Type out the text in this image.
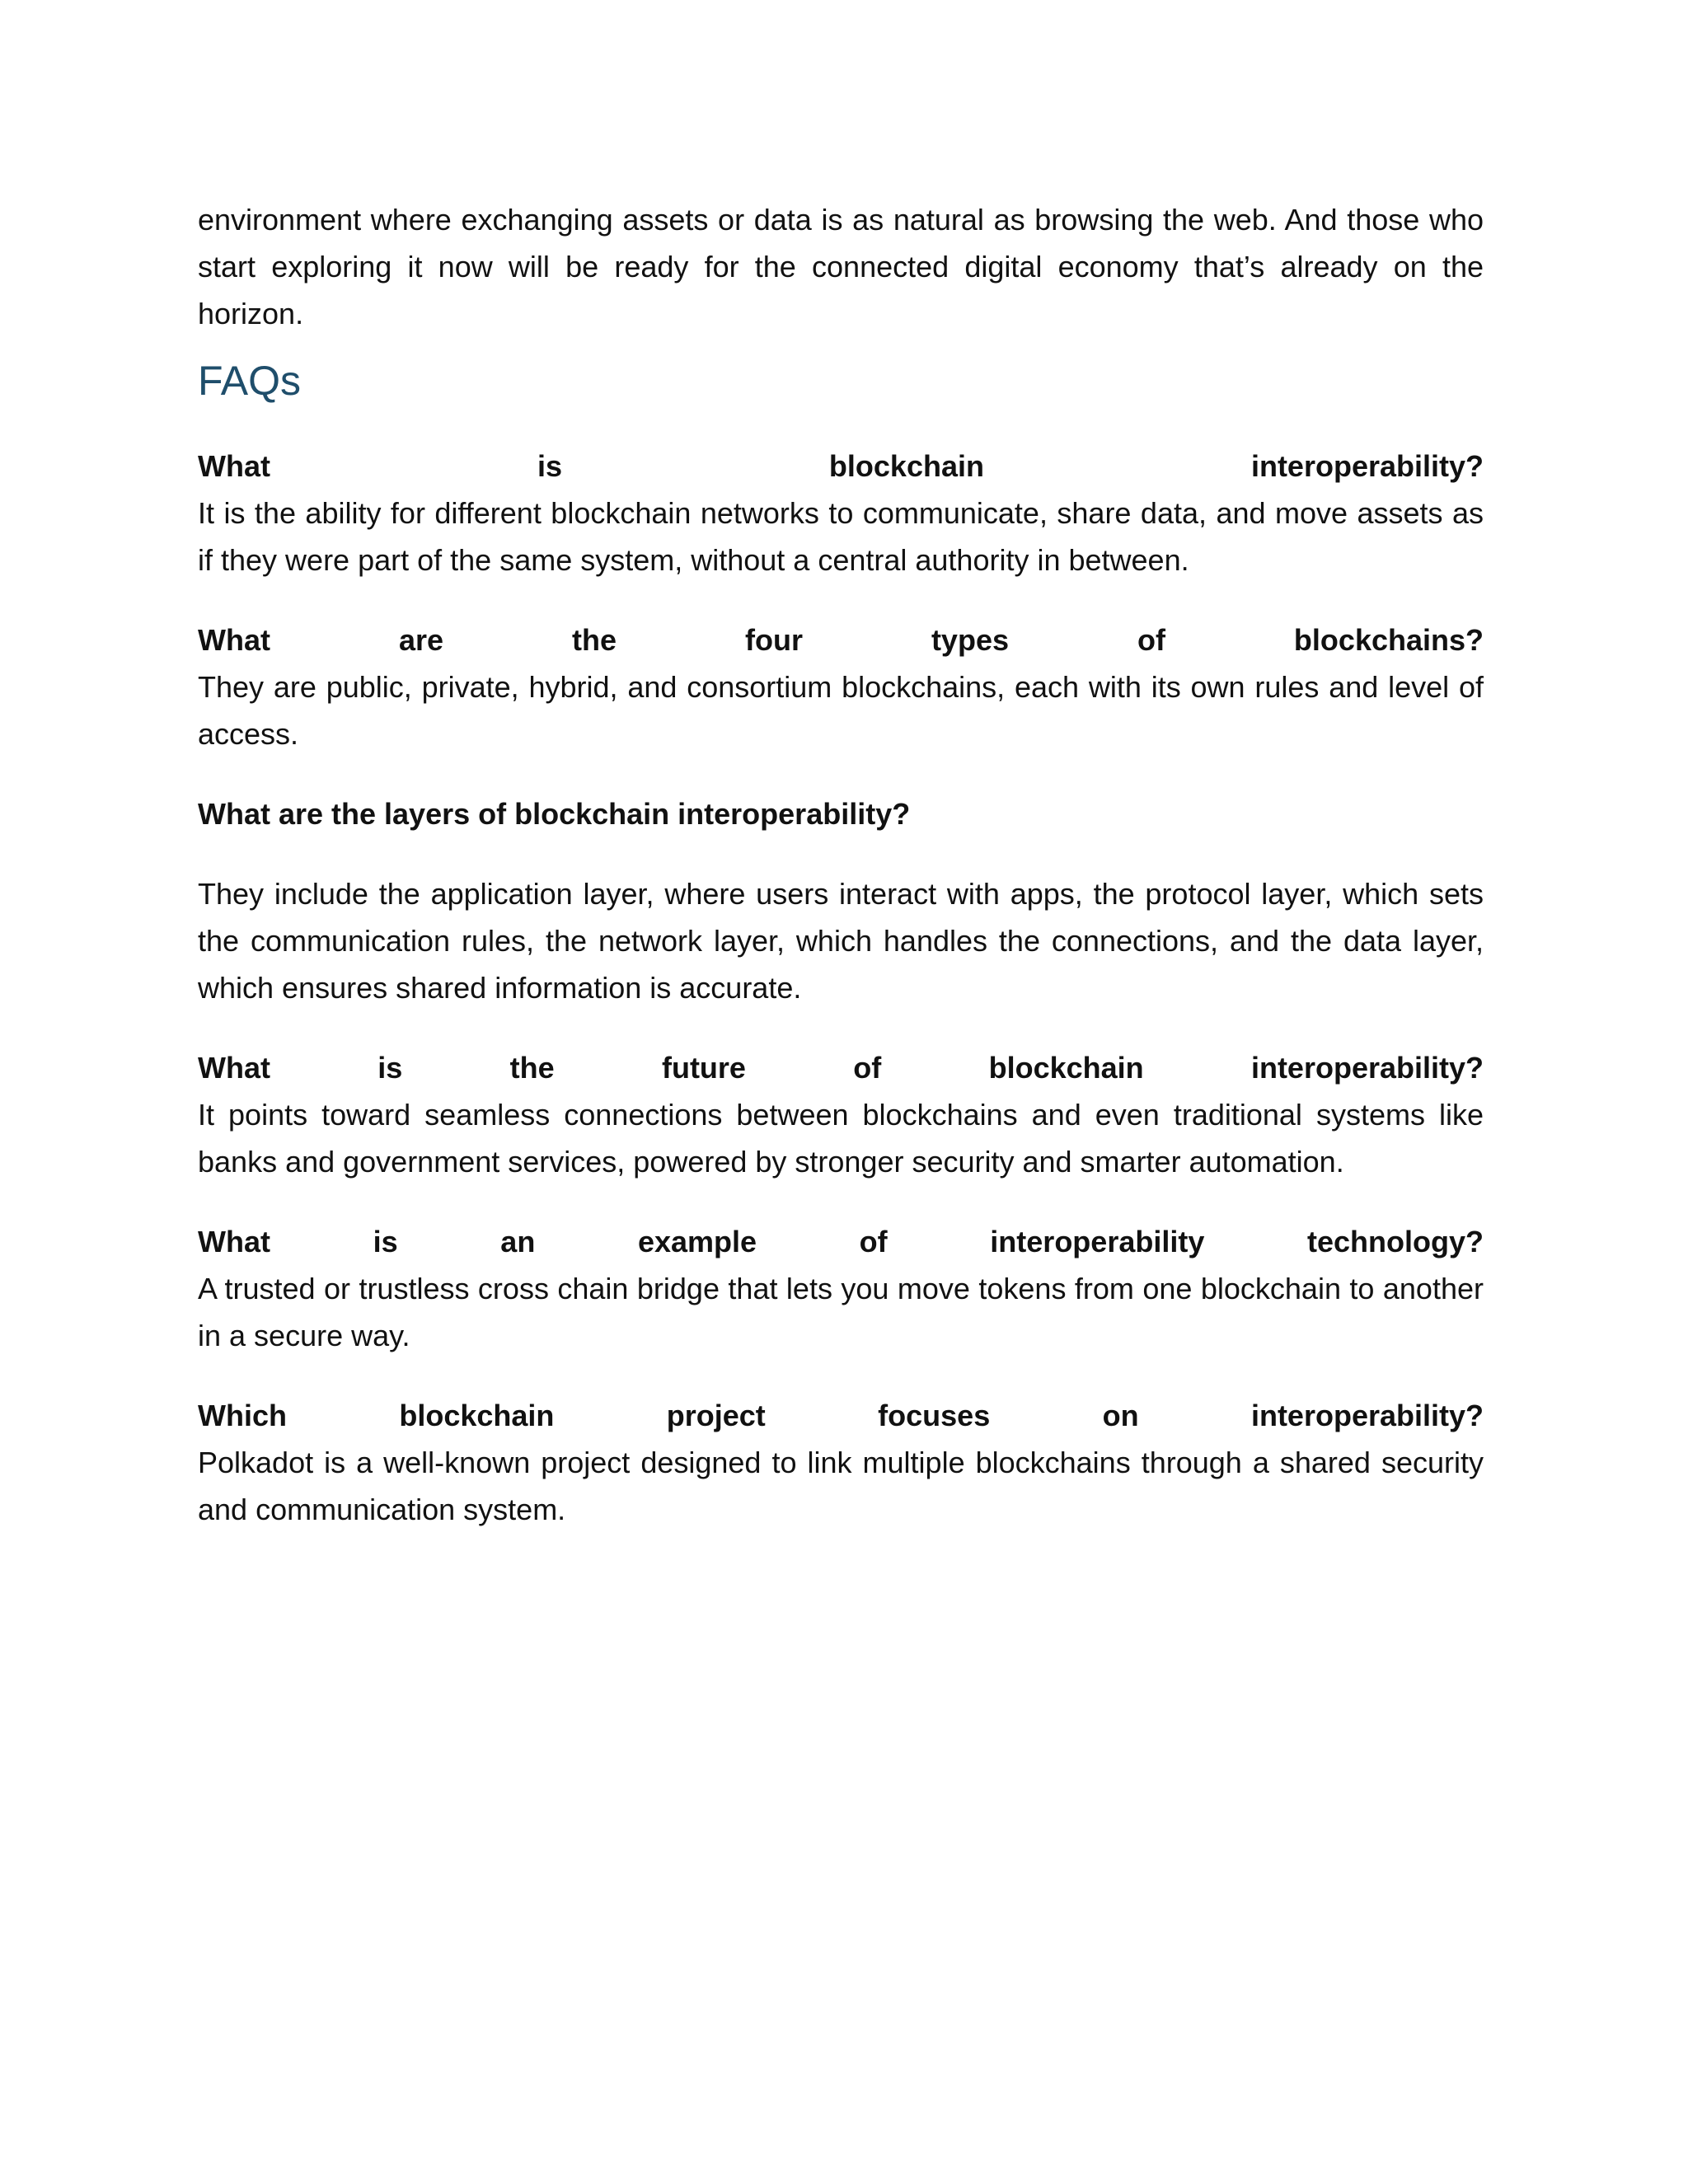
environment where exchanging assets or data is as natural as browsing the web. And those who start exploring it now will be ready for the connected digital economy that’s already on the horizon.

FAQs

What is blockchain interoperability?

It is the ability for different blockchain networks to communicate, share data, and move assets as if they were part of the same system, without a central authority in between.

What are the four types of blockchains?

They are public, private, hybrid, and consortium blockchains, each with its own rules and level of access.

What are the layers of blockchain interoperability?

They include the application layer, where users interact with apps, the protocol layer, which sets the communication rules, the network layer, which handles the connections, and the data layer, which ensures shared information is accurate.

What is the future of blockchain interoperability?

It points toward seamless connections between blockchains and even traditional systems like banks and government services, powered by stronger security and smarter automation.

What is an example of interoperability technology?

A trusted or trustless cross chain bridge that lets you move tokens from one blockchain to another in a secure way.

Which blockchain project focuses on interoperability?

Polkadot is a well-known project designed to link multiple blockchains through a shared security and communication system.
